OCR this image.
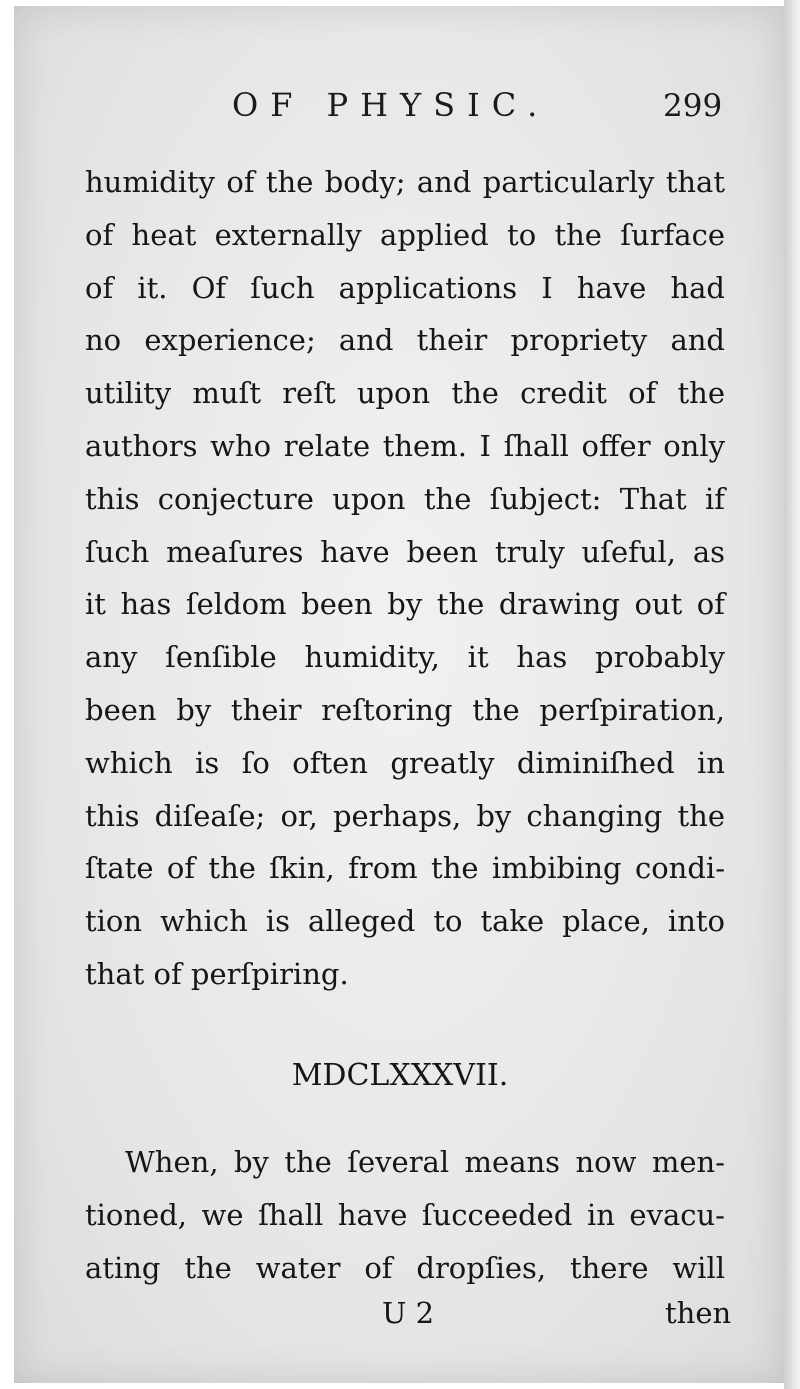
OF PHYSIC.	299
humidity of the body; and particularly that
of heat externally applied to the ſurface
of it. Of ſuch applications I have had
no experience; and their propriety and
utility muſt reſt upon the credit of the
authors who relate them. I ſhall offer only
this conjecture upon the ſubject: That if
ſuch meaſures have been truly uſeful, as
it has ſeldom been by the drawing out of
any ſenſible humidity, it has probably
been by their reſtoring the perſpiration,
which is ſo often greatly diminiſhed in
this diſeaſe; or, perhaps, by changing the
ſtate of the ſkin, from the imbibing condi-
tion which is alleged to take place, into
that of perſpiring.
MDCLXXXVII.
When, by the ſeveral means now men-
tioned, we ſhall have ſucceeded in evacu-
ating the water of dropſies, there will
U 2	then
